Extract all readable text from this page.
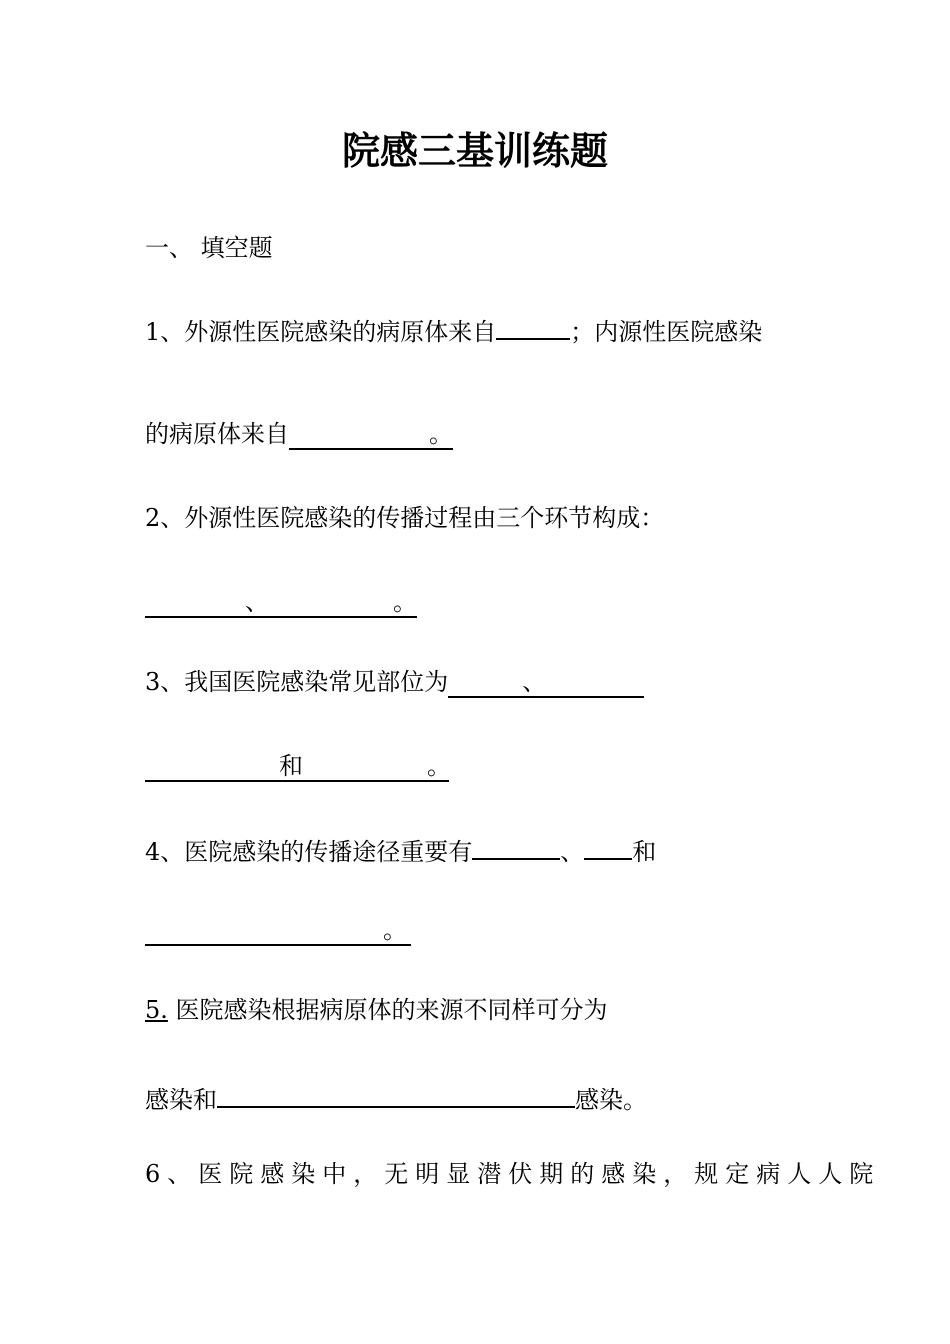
院感三基训练题
一、 填空题
1、外源性医院感染的病原体来自	；内源性医院感染
的病原体来自	。
2、外源性医院感染的传播过程由三个环节构成：
、	。
3、我国医院感染常见部位为	、
和	。
4、医院感染的传播途径重要有	、 和
。
5. 医院感染根据病原体的来源不同样可分为
感染和	感染。
6、医院感染中，无明显潜伏期的感染，规定病人人院
